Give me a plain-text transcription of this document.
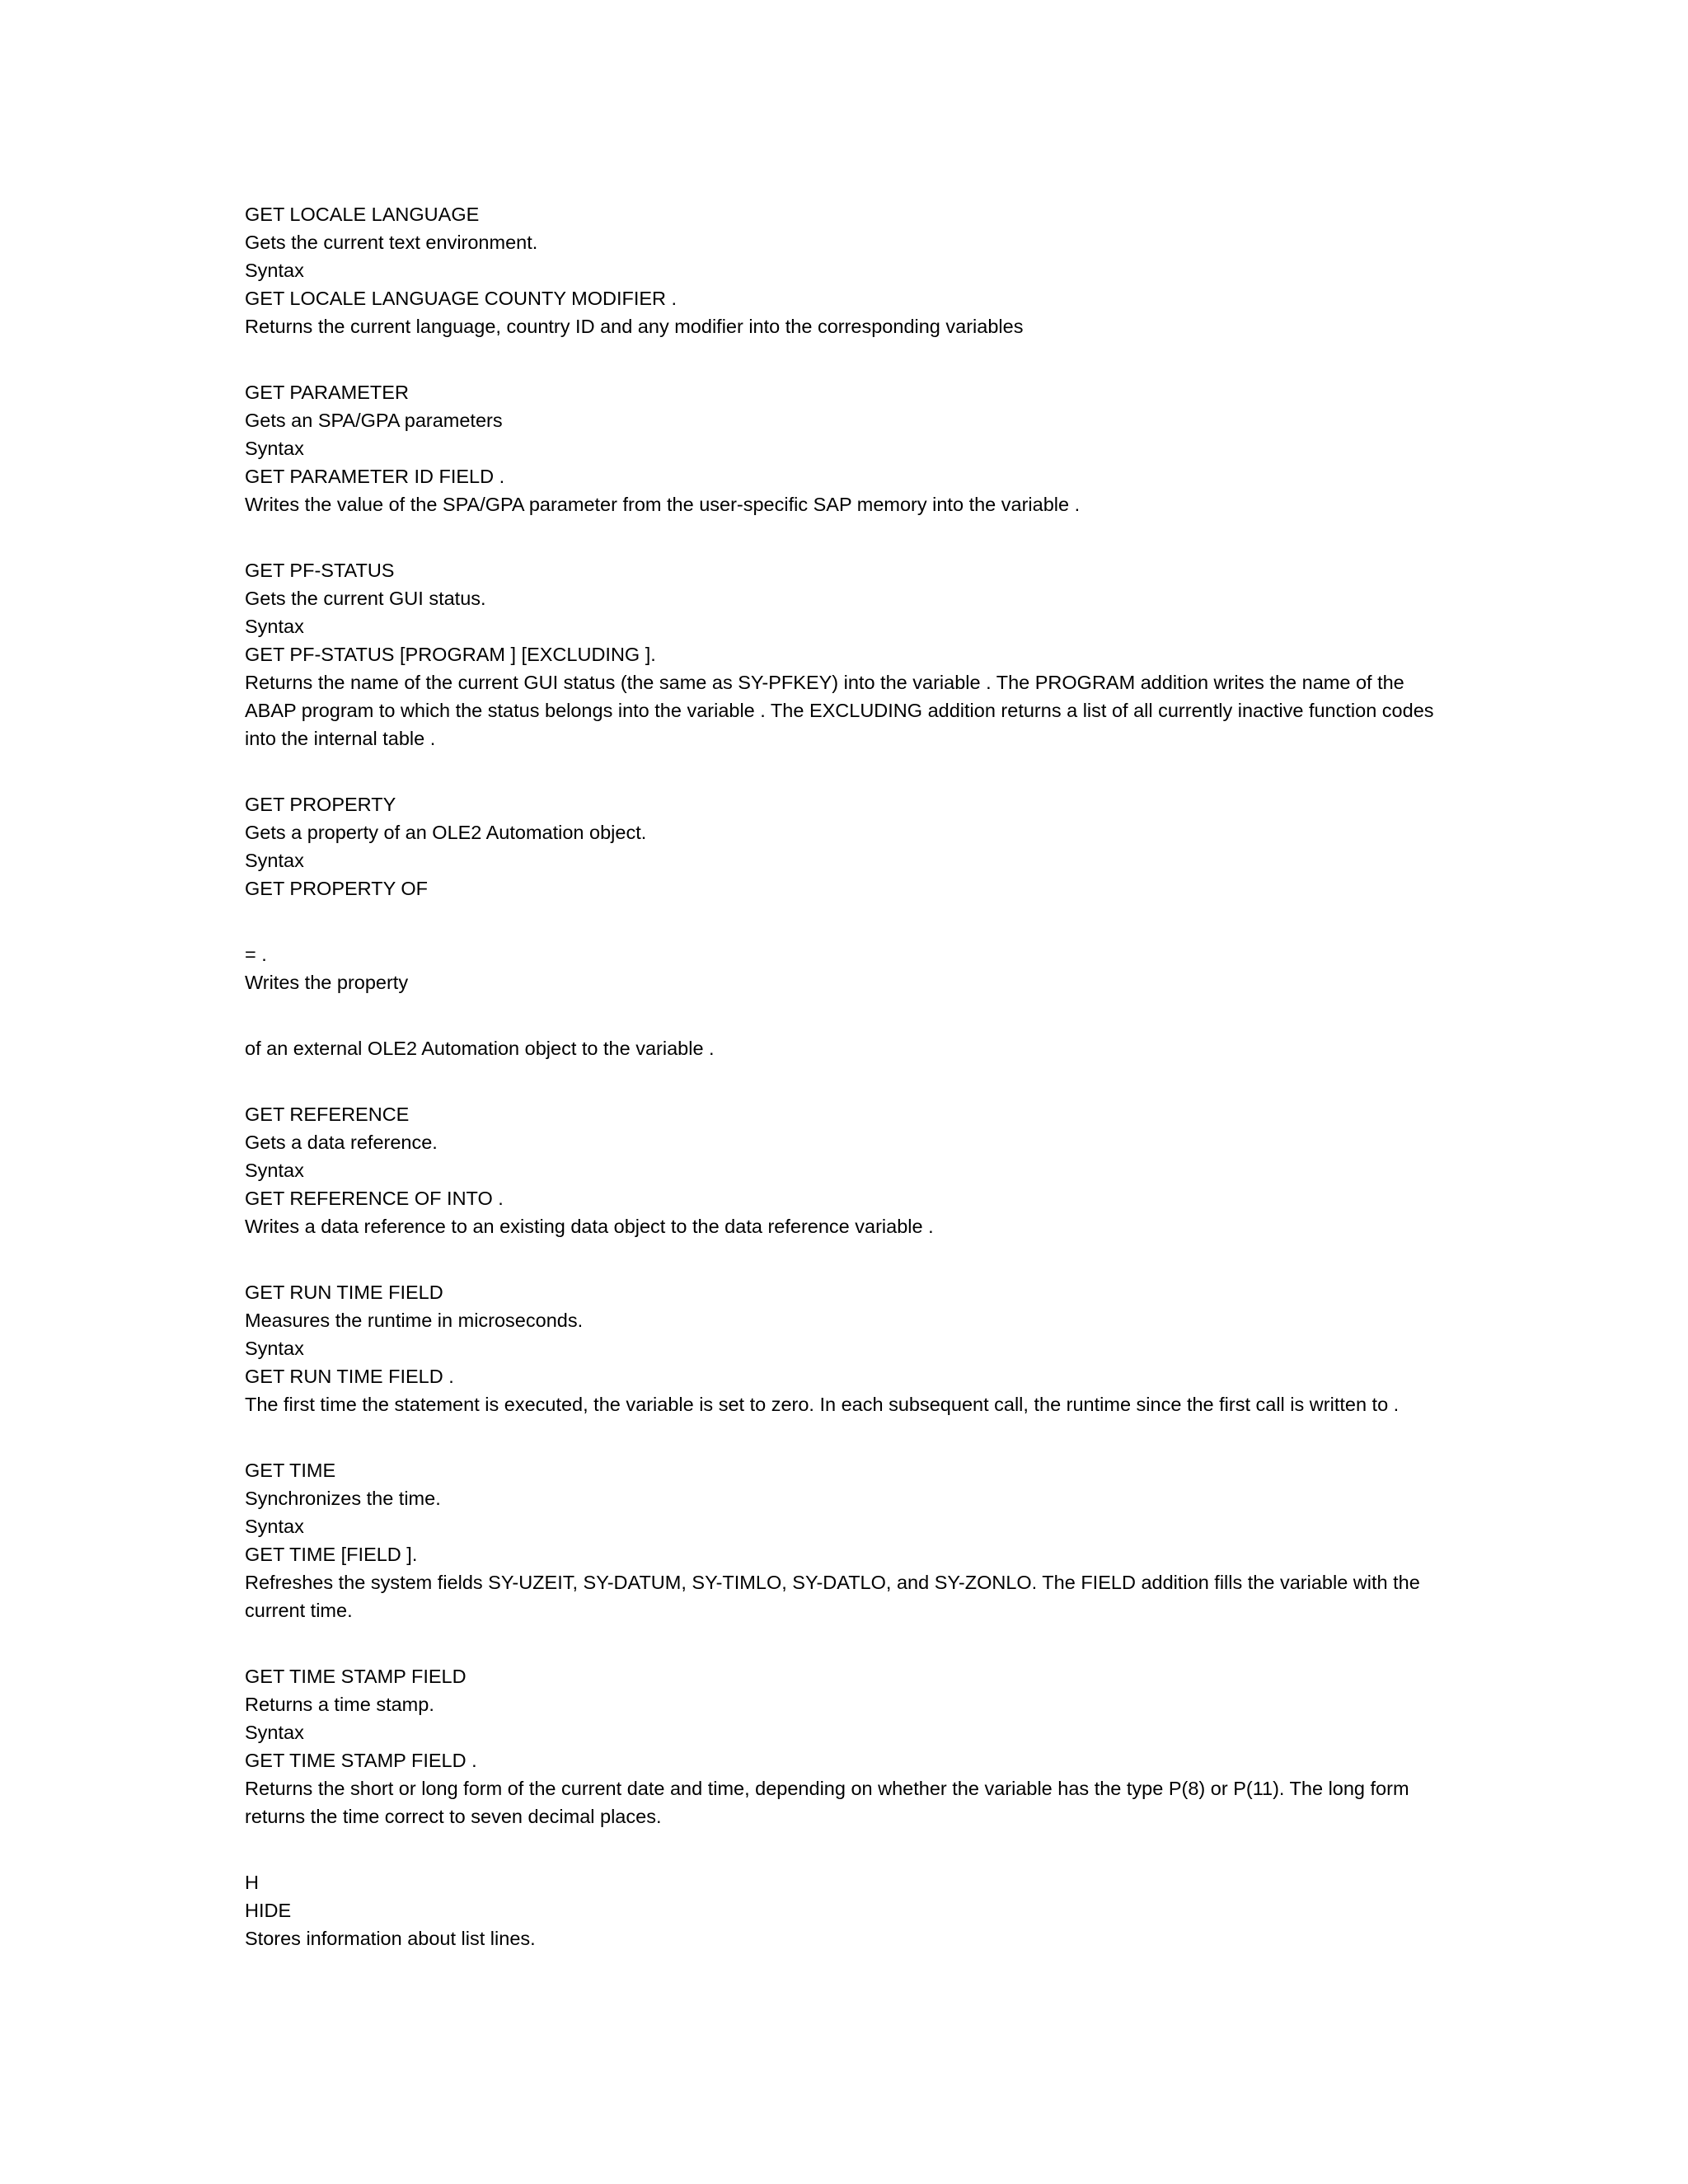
GET LOCALE LANGUAGE
Gets the current text environment.
Syntax
GET LOCALE LANGUAGE COUNTY MODIFIER .
Returns the current language, country ID and any modifier into the corresponding variables
GET PARAMETER
Gets an SPA/GPA parameters
Syntax
GET PARAMETER ID FIELD .
Writes the value of the SPA/GPA parameter from the user-specific SAP memory into the variable .
GET PF-STATUS
Gets the current GUI status.
Syntax
GET PF-STATUS [PROGRAM ] [EXCLUDING ].
Returns the name of the current GUI status (the same as SY-PFKEY) into the variable . The PROGRAM addition writes the name of the ABAP program to which the status belongs into the variable . The EXCLUDING addition returns a list of all currently inactive function codes into the internal table .
GET PROPERTY
Gets a property of an OLE2 Automation object.
Syntax
GET PROPERTY OF
= .
Writes the property
of an external OLE2 Automation object to the variable .
GET REFERENCE
Gets a data reference.
Syntax
GET REFERENCE OF INTO .
Writes a data reference to an existing data object to the data reference variable .
GET RUN TIME FIELD
Measures the runtime in microseconds.
Syntax
GET RUN TIME FIELD .
The first time the statement is executed, the variable is set to zero. In each subsequent call, the runtime since the first call is written to .
GET TIME
Synchronizes the time.
Syntax
GET TIME [FIELD ].
Refreshes the system fields SY-UZEIT, SY-DATUM, SY-TIMLO, SY-DATLO, and SY-ZONLO. The FIELD addition fills the variable with the current time.
GET TIME STAMP FIELD
Returns a time stamp.
Syntax
GET TIME STAMP FIELD .
Returns the short or long form of the current date and time, depending on whether the variable has the type P(8) or P(11). The long form returns the time correct to seven decimal places.
H
HIDE
Stores information about list lines.
